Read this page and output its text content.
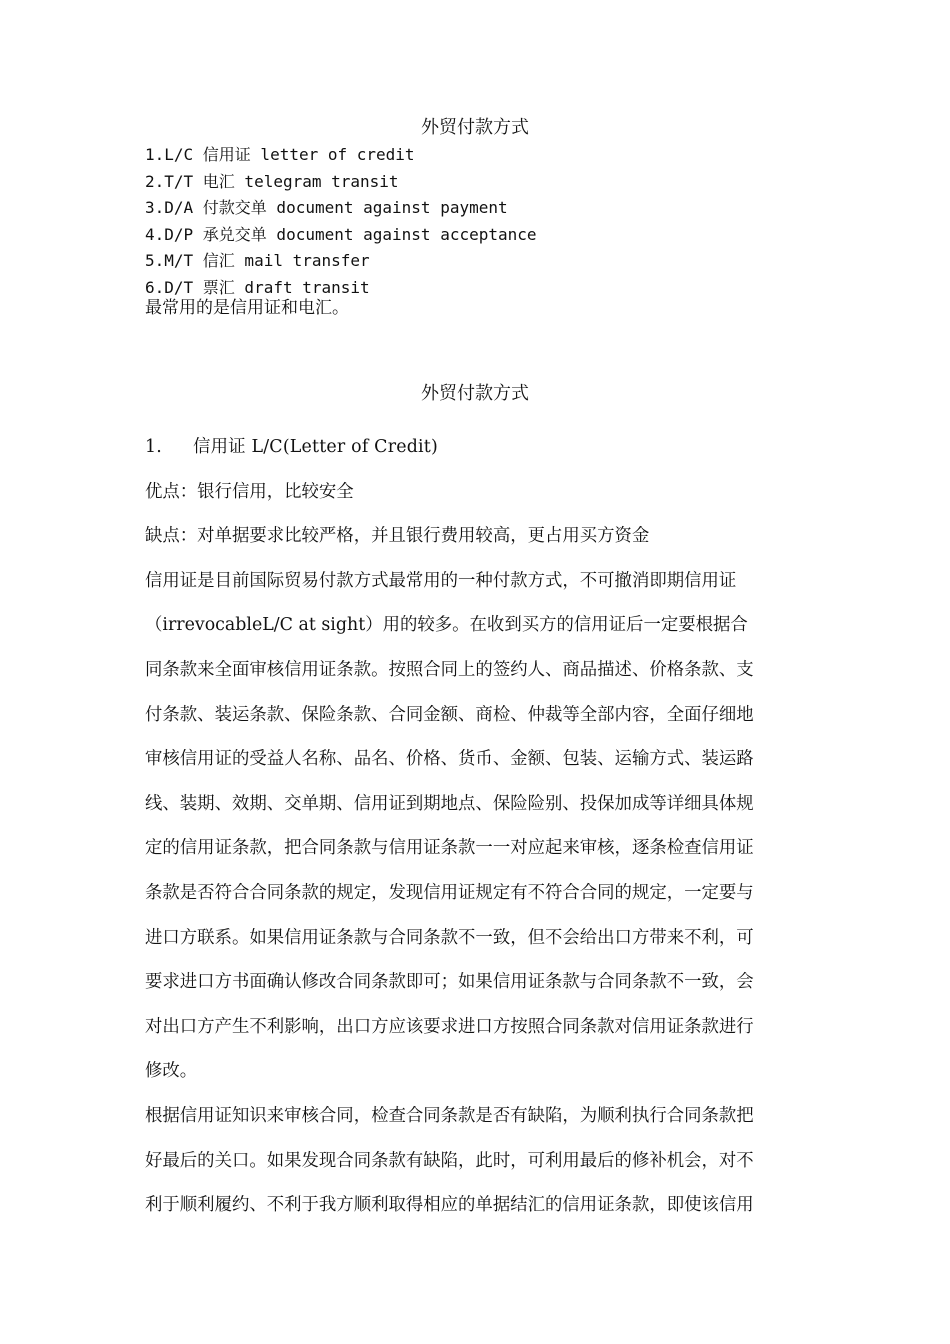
外贸付款方式
1.L/C 信用证 letter of credit
2.T/T 电汇 telegram transit
3.D/A 付款交单 document against payment
4.D/P 承兑交单 document against acceptance
5.M/T 信汇 mail transfer
6.D/T 票汇 draft transit
最常用的是信用证和电汇。
外贸付款方式

1. 信用证 L/C(Letter of Credit)

优点：银行信用，比较安全

缺点：对单据要求比较严格，并且银行费用较高，更占用买方资金

信用证是目前国际贸易付款方式最常用的一种付款方式，不可撤消即期信用证

（irrevocableL/C at sight）用的较多。在收到买方的信用证后一定要根据合

同条款来全面审核信用证条款。按照合同上的签约人、商品描述、价格条款、支

付条款、装运条款、保险条款、合同金额、商检、仲裁等全部内容，全面仔细地

审核信用证的受益人名称、品名、价格、货币、金额、包装、运输方式、装运路

线、装期、效期、交单期、信用证到期地点、保险险别、投保加成等详细具体规

定的信用证条款，把合同条款与信用证条款一一对应起来审核，逐条检查信用证

条款是否符合合同条款的规定，发现信用证规定有不符合合同的规定，一定要与

进口方联系。如果信用证条款与合同条款不一致，但不会给出口方带来不利，可

要求进口方书面确认修改合同条款即可；如果信用证条款与合同条款不一致，会

对出口方产生不利影响，出口方应该要求进口方按照合同条款对信用证条款进行

修改。

根据信用证知识来审核合同，检查合同条款是否有缺陷，为顺利执行合同条款把

好最后的关口。如果发现合同条款有缺陷，此时，可利用最后的修补机会，对不

利于顺利履约、不利于我方顺利取得相应的单据结汇的信用证条款，即使该信用
